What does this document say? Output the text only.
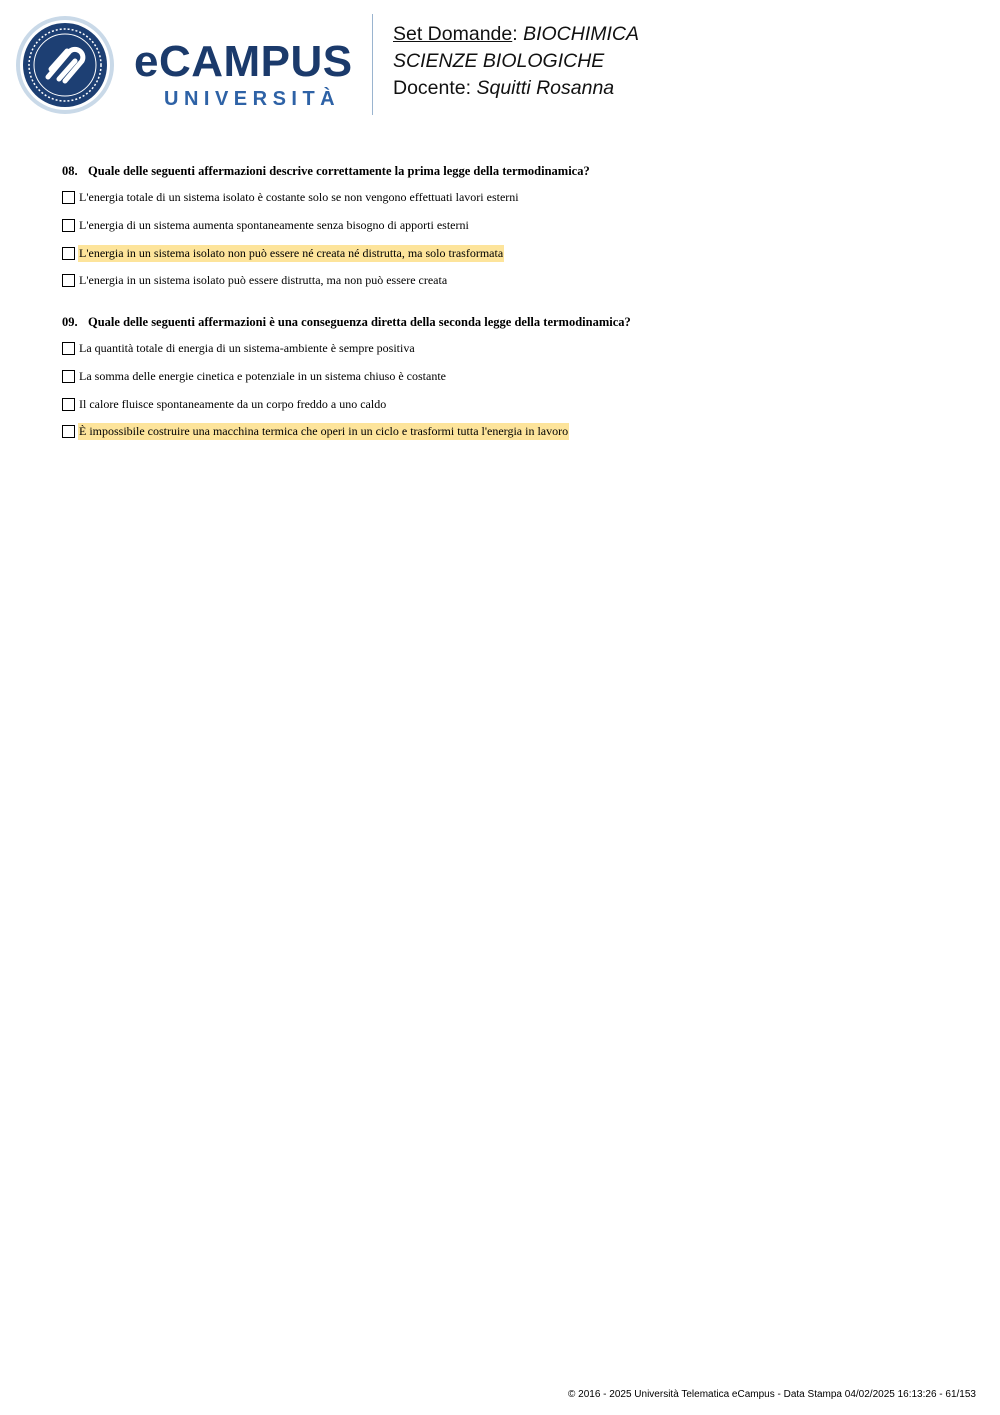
eCAMPUS
UNIVERSITÀ
Set Domande: BIOCHIMICA
SCIENZE BIOLOGICHE
Docente: Squitti Rosanna
08. Quale delle seguenti affermazioni descrive correttamente la prima legge della termodinamica?
L'energia totale di un sistema isolato è costante solo se non vengono effettuati lavori esterni
L'energia di un sistema aumenta spontaneamente senza bisogno di apporti esterni
L'energia in un sistema isolato non può essere né creata né distrutta, ma solo trasformata
L'energia in un sistema isolato può essere distrutta, ma non può essere creata
09. Quale delle seguenti affermazioni è una conseguenza diretta della seconda legge della termodinamica?
La quantità totale di energia di un sistema-ambiente è sempre positiva
La somma delle energie cinetica e potenziale in un sistema chiuso è costante
Il calore fluisce spontaneamente da un corpo freddo a uno caldo
È impossibile costruire una macchina termica che operi in un ciclo e trasformi tutta l'energia in lavoro
© 2016 - 2025 Università Telematica eCampus - Data Stampa 04/02/2025 16:13:26 - 61/153
